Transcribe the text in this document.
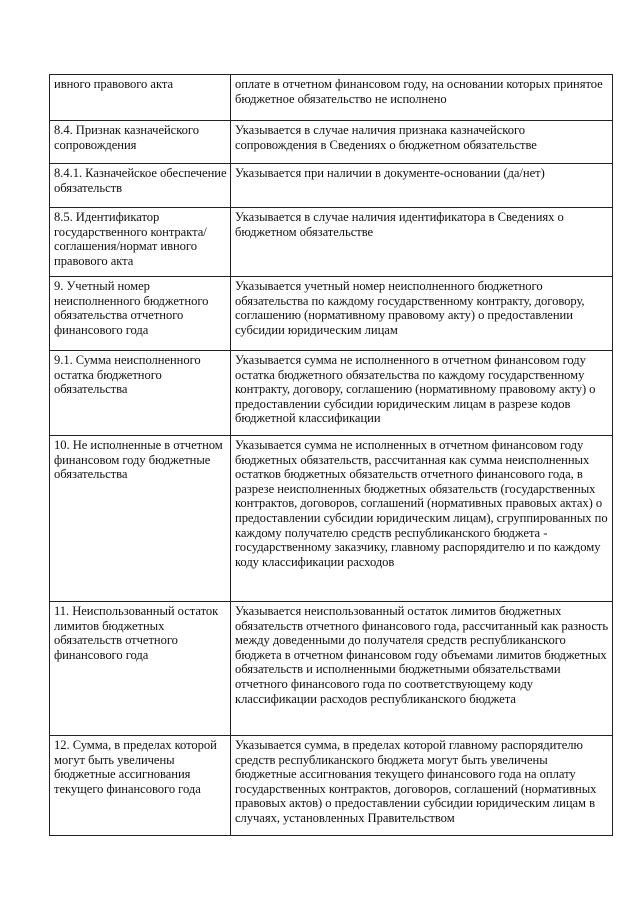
ивного правового акта	оплате в отчетном финансовом году, на основании которых принятое бюджетное обязательство не исполнено
8.4. Признак казначейского сопровождения	Указывается в случае наличия признака казначейского сопровождения в Сведениях о бюджетном обязательстве
8.4.1. Казначейское обеспечение обязательств	Указывается при наличии в документе-основании (да/нет)
8.5. Идентификатор государственного контракта/соглашения/нормат ивного правового акта	Указывается в случае наличия идентификатора в Сведениях о бюджетном обязательстве
9. Учетный номер неисполненного бюджетного обязательства отчетного финансового года	Указывается учетный номер неисполненного бюджетного обязательства по каждому государственному контракту, договору, соглашению (нормативному правовому акту) о предоставлении субсидии юридическим лицам
9.1. Сумма неисполненного остатка бюджетного обязательства	Указывается сумма не исполненного в отчетном финансовом году остатка бюджетного обязательства по каждому государственному контракту, договору, соглашению (нормативному правовому акту) о предоставлении субсидии юридическим лицам в разрезе кодов бюджетной классификации
10. Не исполненные в отчетном финансовом году бюджетные обязательства	Указывается сумма не исполненных в отчетном финансовом году бюджетных обязательств, рассчитанная как сумма неисполненных остатков бюджетных обязательств отчетного финансового года, в разрезе неисполненных бюджетных обязательств (государственных контрактов, договоров, соглашений (нормативных правовых актах) о предоставлении субсидии юридическим лицам), сгруппированных по каждому получателю средств республиканского бюджета - государственному заказчику, главному распорядителю и по каждому коду классификации расходов
11. Неиспользованный остаток лимитов бюджетных обязательств отчетного финансового года	Указывается неиспользованный остаток лимитов бюджетных обязательств отчетного финансового года, рассчитанный как разность между доведенными до получателя средств республиканского бюджета в отчетном финансовом году объемами лимитов бюджетных обязательств и исполненными бюджетными обязательствами отчетного финансового года по соответствующему коду классификации расходов республиканского бюджета
12. Сумма, в пределах которой могут быть увеличены бюджетные ассигнования текущего финансового года	Указывается сумма, в пределах которой главному распорядителю средств республиканского бюджета могут быть увеличены бюджетные ассигнования текущего финансового года на оплату государственных контрактов, договоров, соглашений (нормативных правовых актов) о предоставлении субсидии юридическим лицам в случаях, установленных Правительством
